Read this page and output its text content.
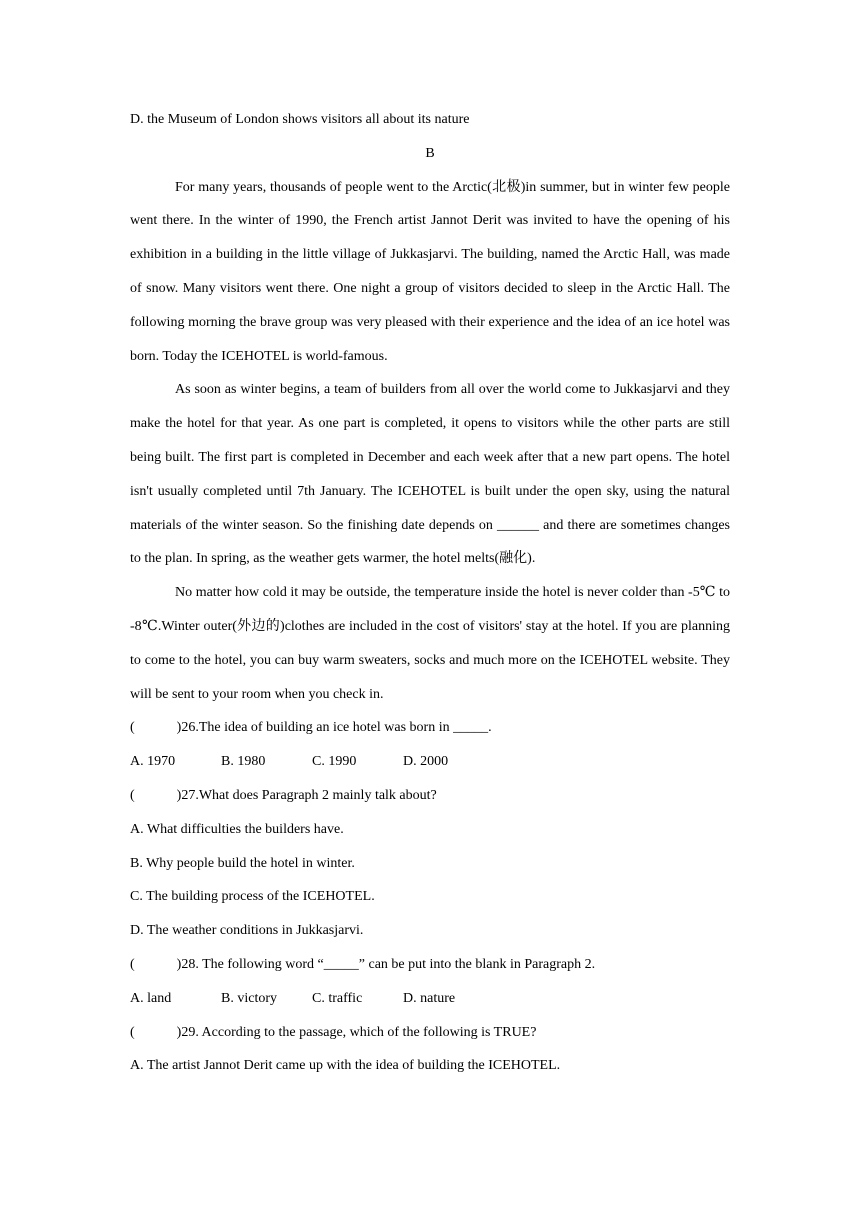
D. the Museum of London shows visitors all about its nature

B

For many years, thousands of people went to the Arctic(北极)in summer, but in winter few people went there. In the winter of 1990, the French artist Jannot Derit was invited to have the opening of his exhibition in a building in the little village of Jukkasjarvi. The building, named the Arctic Hall, was made of snow. Many visitors went there. One night a group of visitors decided to sleep in the Arctic Hall. The following morning the brave group was very pleased with their experience and the idea of an ice hotel was born. Today the ICEHOTEL is world-famous.

As soon as winter begins, a team of builders from all over the world come to Jukkasjarvi and they make the hotel for that year. As one part is completed, it opens to visitors while the other parts are still being built. The first part is completed in December and each week after that a new part opens. The hotel isn't usually completed until 7th January. The ICEHOTEL is built under the open sky, using the natural materials of the winter season. So the finishing date depends on ______ and there are sometimes changes to the plan. In spring, as the weather gets warmer, the hotel melts(融化).

No matter how cold it may be outside, the temperature inside the hotel is never colder than -5℃ to -8℃.Winter outer(外边的)clothes are included in the cost of visitors' stay at the hotel. If you are planning to come to the hotel, you can buy warm sweaters, socks and much more on the ICEHOTEL website. They will be sent to your room when you check in.

(            )26.The idea of building an ice hotel was born in _____.

A. 1970	B. 1980	C. 1990	D. 2000

(            )27.What does Paragraph 2 mainly talk about?

A. What difficulties the builders have.

B. Why people build the hotel in winter.

C. The building process of the ICEHOTEL.

D. The weather conditions in Jukkasjarvi.

(            )28. The following word “_____” can be put into the blank in Paragraph 2.

A. land	B. victory	C. traffic	D. nature

(            )29. According to the passage, which of the following is TRUE?

A. The artist Jannot Derit came up with the idea of building the ICEHOTEL.
